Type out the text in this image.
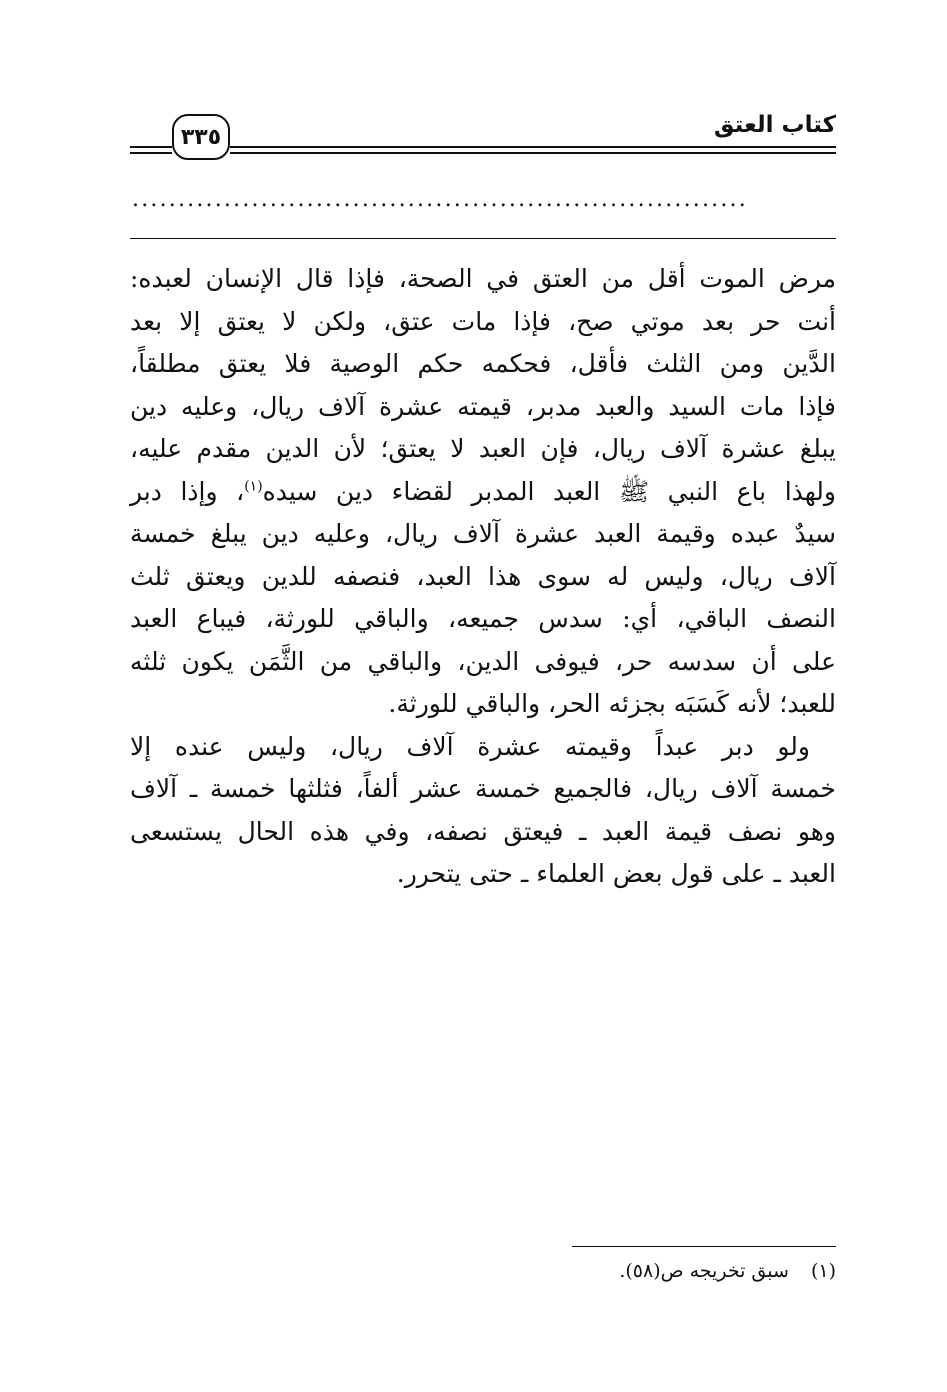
٣٣٥	كتاب العتق
...................................................................

مرض الموت أقل من العتق في الصحة، فإذا قال الإنسان لعبده:
أنت حر بعد موتي صح، فإذا مات عتق، ولكن لا يعتق إلا بعد
الدَّين ومن الثلث فأقل، فحكمه حكم الوصية فلا يعتق مطلقاً،
فإذا مات السيد والعبد مدبر، قيمته عشرة آلاف ريال، وعليه دين
يبلغ عشرة آلاف ريال، فإن العبد لا يعتق؛ لأن الدين مقدم عليه،
ولهذا باع النبي ﷺ العبد المدبر لقضاء دين سيده$^{(١)}$، وإذا دبر
سيدٌ عبده وقيمة العبد عشرة آلاف ريال، وعليه دين يبلغ خمسة
آلاف ريال، وليس له سوى هذا العبد، فنصفه للدين ويعتق ثلث
النصف الباقي، أي: سدس جميعه، والباقي للورثة، فيباع العبد
على أن سدسه حر، فيوفى الدين، والباقي من الثَّمَن يكون ثلثه
للعبد؛ لأنه كَسَبَه بجزئه الحر، والباقي للورثة.

ولو دبر عبداً وقيمته عشرة آلاف ريال، وليس عنده إلا
خمسة آلاف ريال، فالجميع خمسة عشر ألفاً، فثلثها خمسة ـ آلاف
وهو نصف قيمة العبد ـ فيعتق نصفه، وفي هذه الحال يستسعى
العبد ـ على قول بعض العلماء ـ حتى يتحرر.

(١)سبق تخريجه ص(٥٨).
